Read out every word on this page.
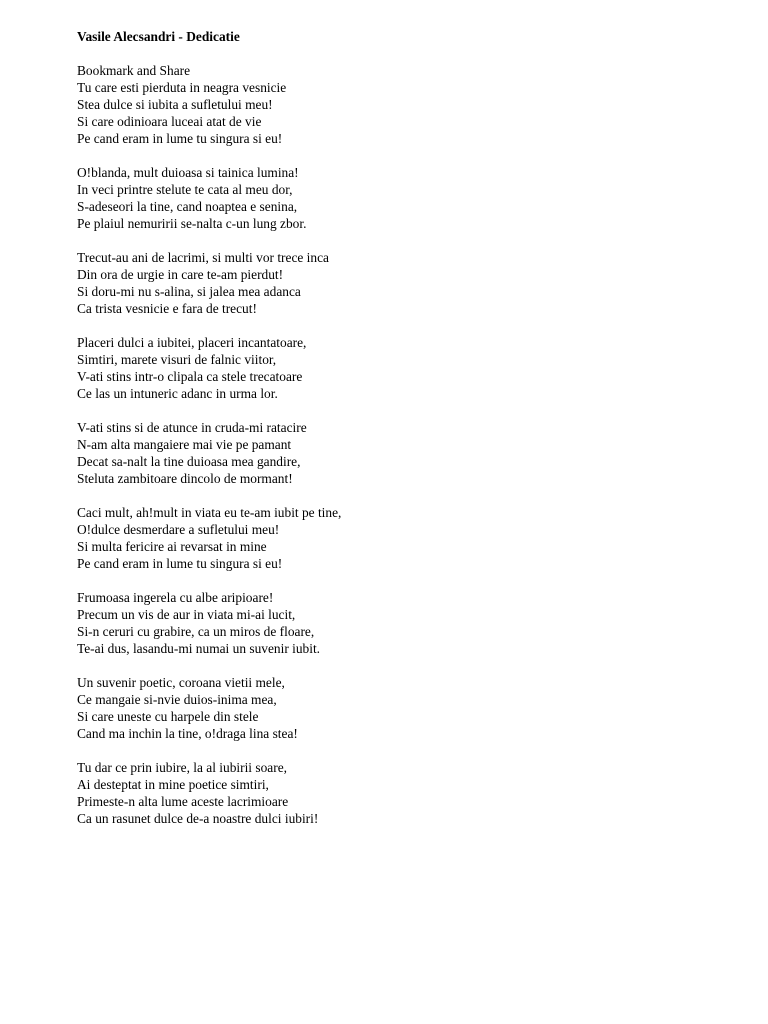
Vasile Alecsandri - Dedicatie
Bookmark and Share
Tu care esti pierduta in neagra vesnicie
Stea dulce si iubita a sufletului meu!
Si care odinioara luceai atat de vie
Pe cand eram in lume tu singura si eu!
O!blanda, mult duioasa si tainica lumina!
In veci printre stelute te cata al meu dor,
S-adeseori la tine, cand noaptea e senina,
Pe plaiul nemuririi se-nalta c-un lung zbor.
Trecut-au ani de lacrimi, si multi vor trece inca
Din ora de urgie in care te-am pierdut!
Si doru-mi nu s-alina, si jalea mea adanca
Ca trista vesnicie e fara de trecut!
Placeri dulci a iubitei, placeri incantatoare,
Simtiri, marete visuri de falnic viitor,
V-ati stins intr-o clipala ca stele trecatoare
Ce las un intuneric adanc in urma lor.
V-ati stins si de atunce in cruda-mi ratacire
N-am alta mangaiere mai vie pe pamant
Decat sa-nalt la tine duioasa mea gandire,
Steluta zambitoare dincolo de mormant!
Caci mult, ah!mult in viata eu te-am iubit pe tine,
O!dulce desmerdare a sufletului meu!
Si multa fericire ai revarsat in mine
Pe cand eram in lume tu singura si eu!
Frumoasa ingerela cu albe aripioare!
Precum un vis de aur in viata mi-ai lucit,
Si-n ceruri cu grabire, ca un miros de floare,
Te-ai dus, lasandu-mi numai un suvenir iubit.
Un suvenir poetic, coroana vietii mele,
Ce mangaie si-nvie duios-inima mea,
Si care uneste cu harpele din stele
Cand ma inchin la tine, o!draga lina stea!
Tu dar ce prin iubire, la al iubirii soare,
Ai desteptat in mine poetice simtiri,
Primeste-n alta lume aceste lacrimioare
Ca un rasunet dulce de-a noastre dulci iubiri!
